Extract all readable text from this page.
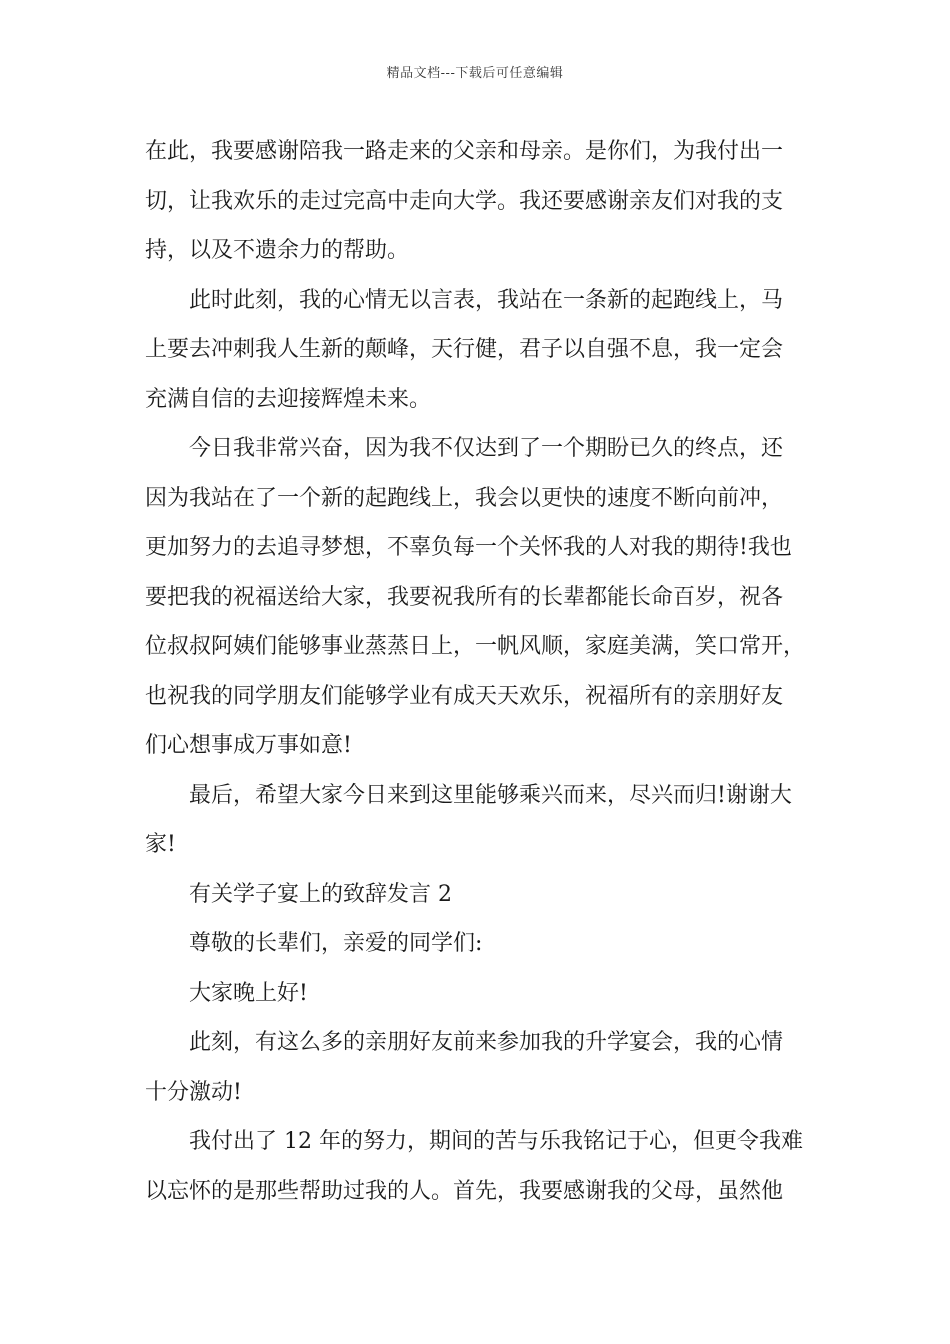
精品文档---下载后可任意编辑
在此，我要感谢陪我一路走来的父亲和母亲。是你们，为我付出一
切，让我欢乐的走过完高中走向大学。我还要感谢亲友们对我的支
持，以及不遗余力的帮助。
此时此刻，我的心情无以言表，我站在一条新的起跑线上，马
上要去冲刺我人生新的颠峰，天行健，君子以自强不息，我一定会
充满自信的去迎接辉煌未来。
今日我非常兴奋，因为我不仅达到了一个期盼已久的终点，还
因为我站在了一个新的起跑线上，我会以更快的速度不断向前冲，
更加努力的去追寻梦想，不辜负每一个关怀我的人对我的期待!我也
要把我的祝福送给大家，我要祝我所有的长辈都能长命百岁，祝各
位叔叔阿姨们能够事业蒸蒸日上，一帆风顺，家庭美满，笑口常开，
也祝我的同学朋友们能够学业有成天天欢乐，祝福所有的亲朋好友
们心想事成万事如意!
最后，希望大家今日来到这里能够乘兴而来，尽兴而归!谢谢大
家!
有关学子宴上的致辞发言 2
尊敬的长辈们，亲爱的同学们:
大家晚上好!
此刻，有这么多的亲朋好友前来参加我的升学宴会，我的心情
十分激动!
我付出了 12 年的努力，期间的苦与乐我铭记于心，但更令我难
以忘怀的是那些帮助过我的人。首先，我要感谢我的父母，虽然他
